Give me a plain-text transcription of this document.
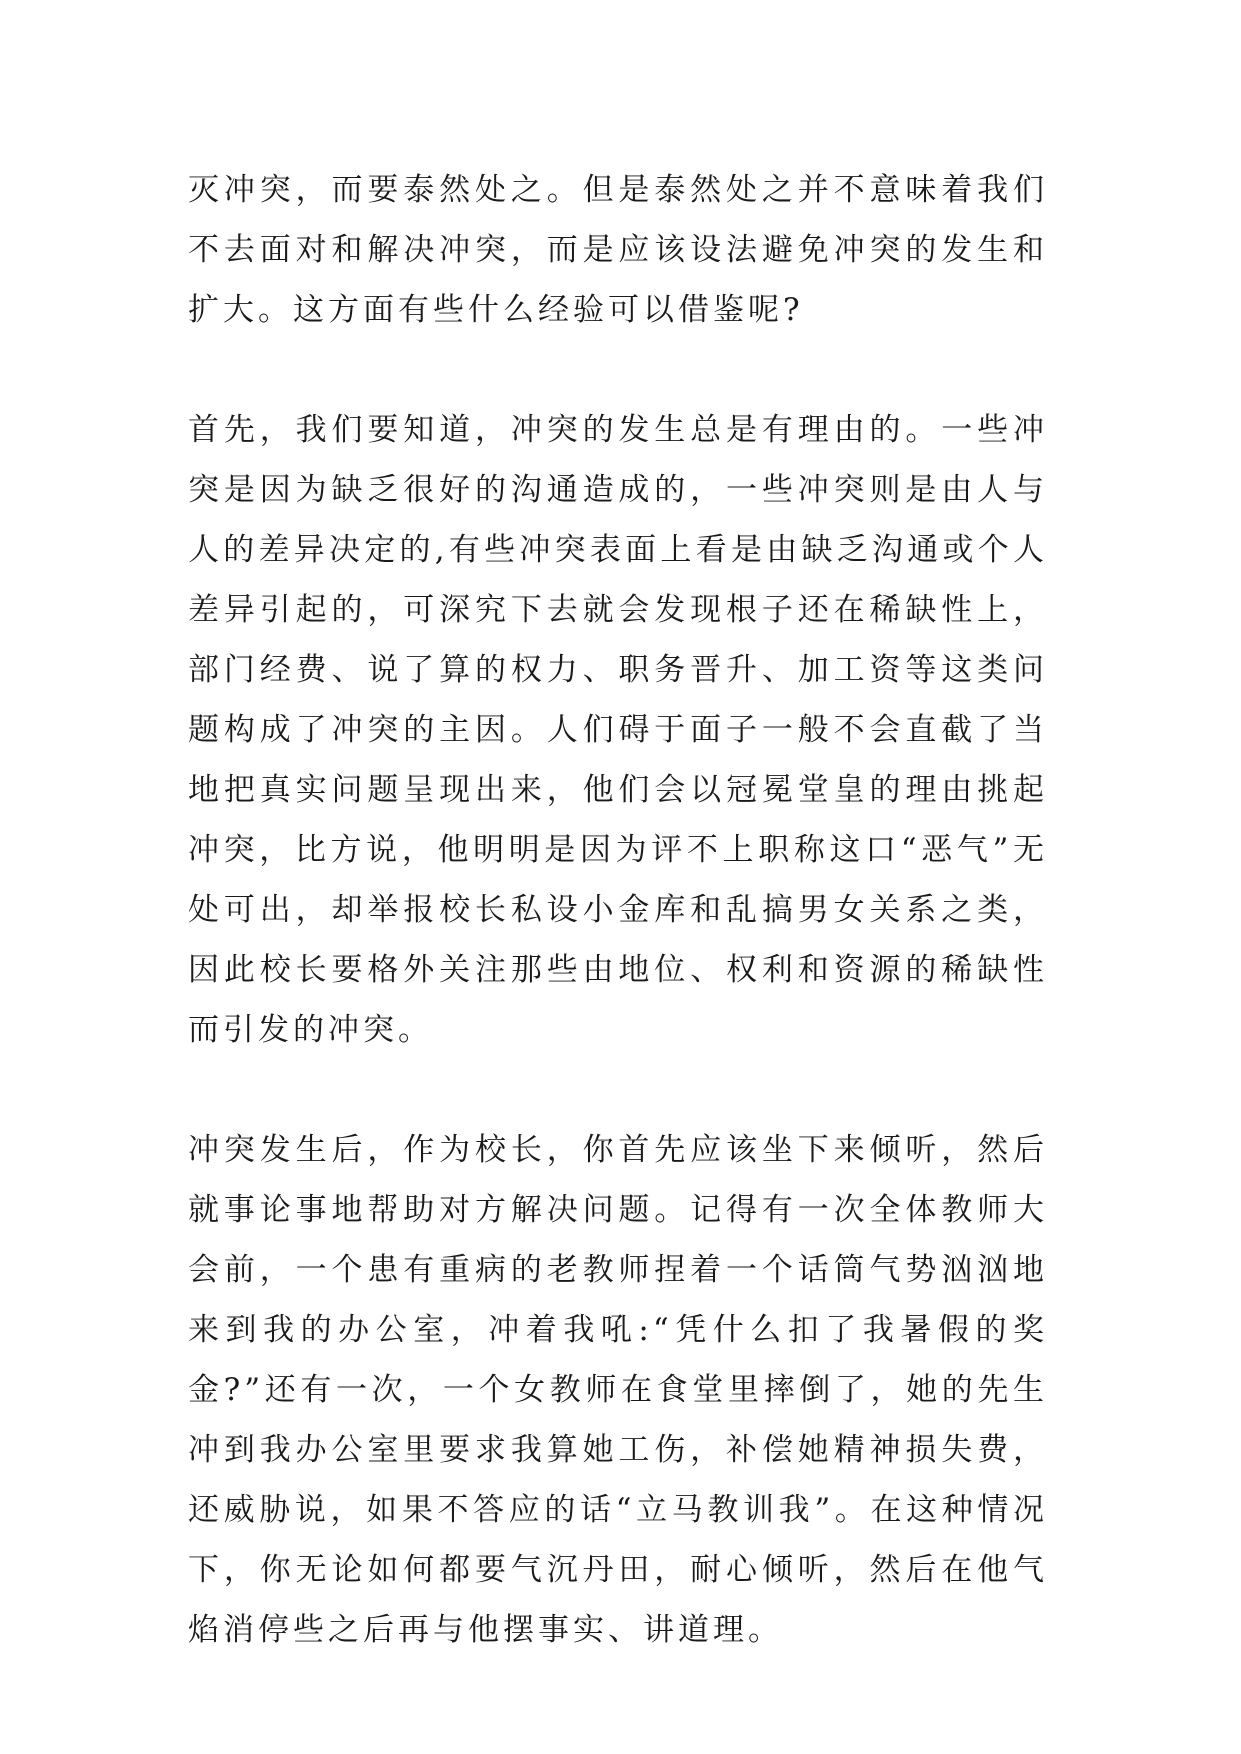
灭冲突，而要泰然处之。但是泰然处之并不意味着我们不去面对和解决冲突，而是应该设法避免冲突的发生和扩大。这方面有些什么经验可以借鉴呢?

首先，我们要知道，冲突的发生总是有理由的。一些冲突是因为缺乏很好的沟通造成的，一些冲突则是由人与人的差异决定的,有些冲突表面上看是由缺乏沟通或个人差异引起的，可深究下去就会发现根子还在稀缺性上，部门经费、说了算的权力、职务晋升、加工资等这类问题构成了冲突的主因。人们碍于面子一般不会直截了当地把真实问题呈现出来，他们会以冠冕堂皇的理由挑起冲突，比方说，他明明是因为评不上职称这口“恶气”无处可出，却举报校长私设小金库和乱搞男女关系之类，因此校长要格外关注那些由地位、权利和资源的稀缺性而引发的冲突。

冲突发生后，作为校长，你首先应该坐下来倾听，然后就事论事地帮助对方解决问题。记得有一次全体教师大会前，一个患有重病的老教师捏着一个话筒气势汹汹地来到我的办公室，冲着我吼:“凭什么扣了我暑假的奖金?”还有一次，一个女教师在食堂里摔倒了，她的先生冲到我办公室里要求我算她工伤，补偿她精神损失费，还威胁说，如果不答应的话“立马教训我”。在这种情况下，你无论如何都要气沉丹田，耐心倾听，然后在他气焰消停些之后再与他摆事实、讲道理。
